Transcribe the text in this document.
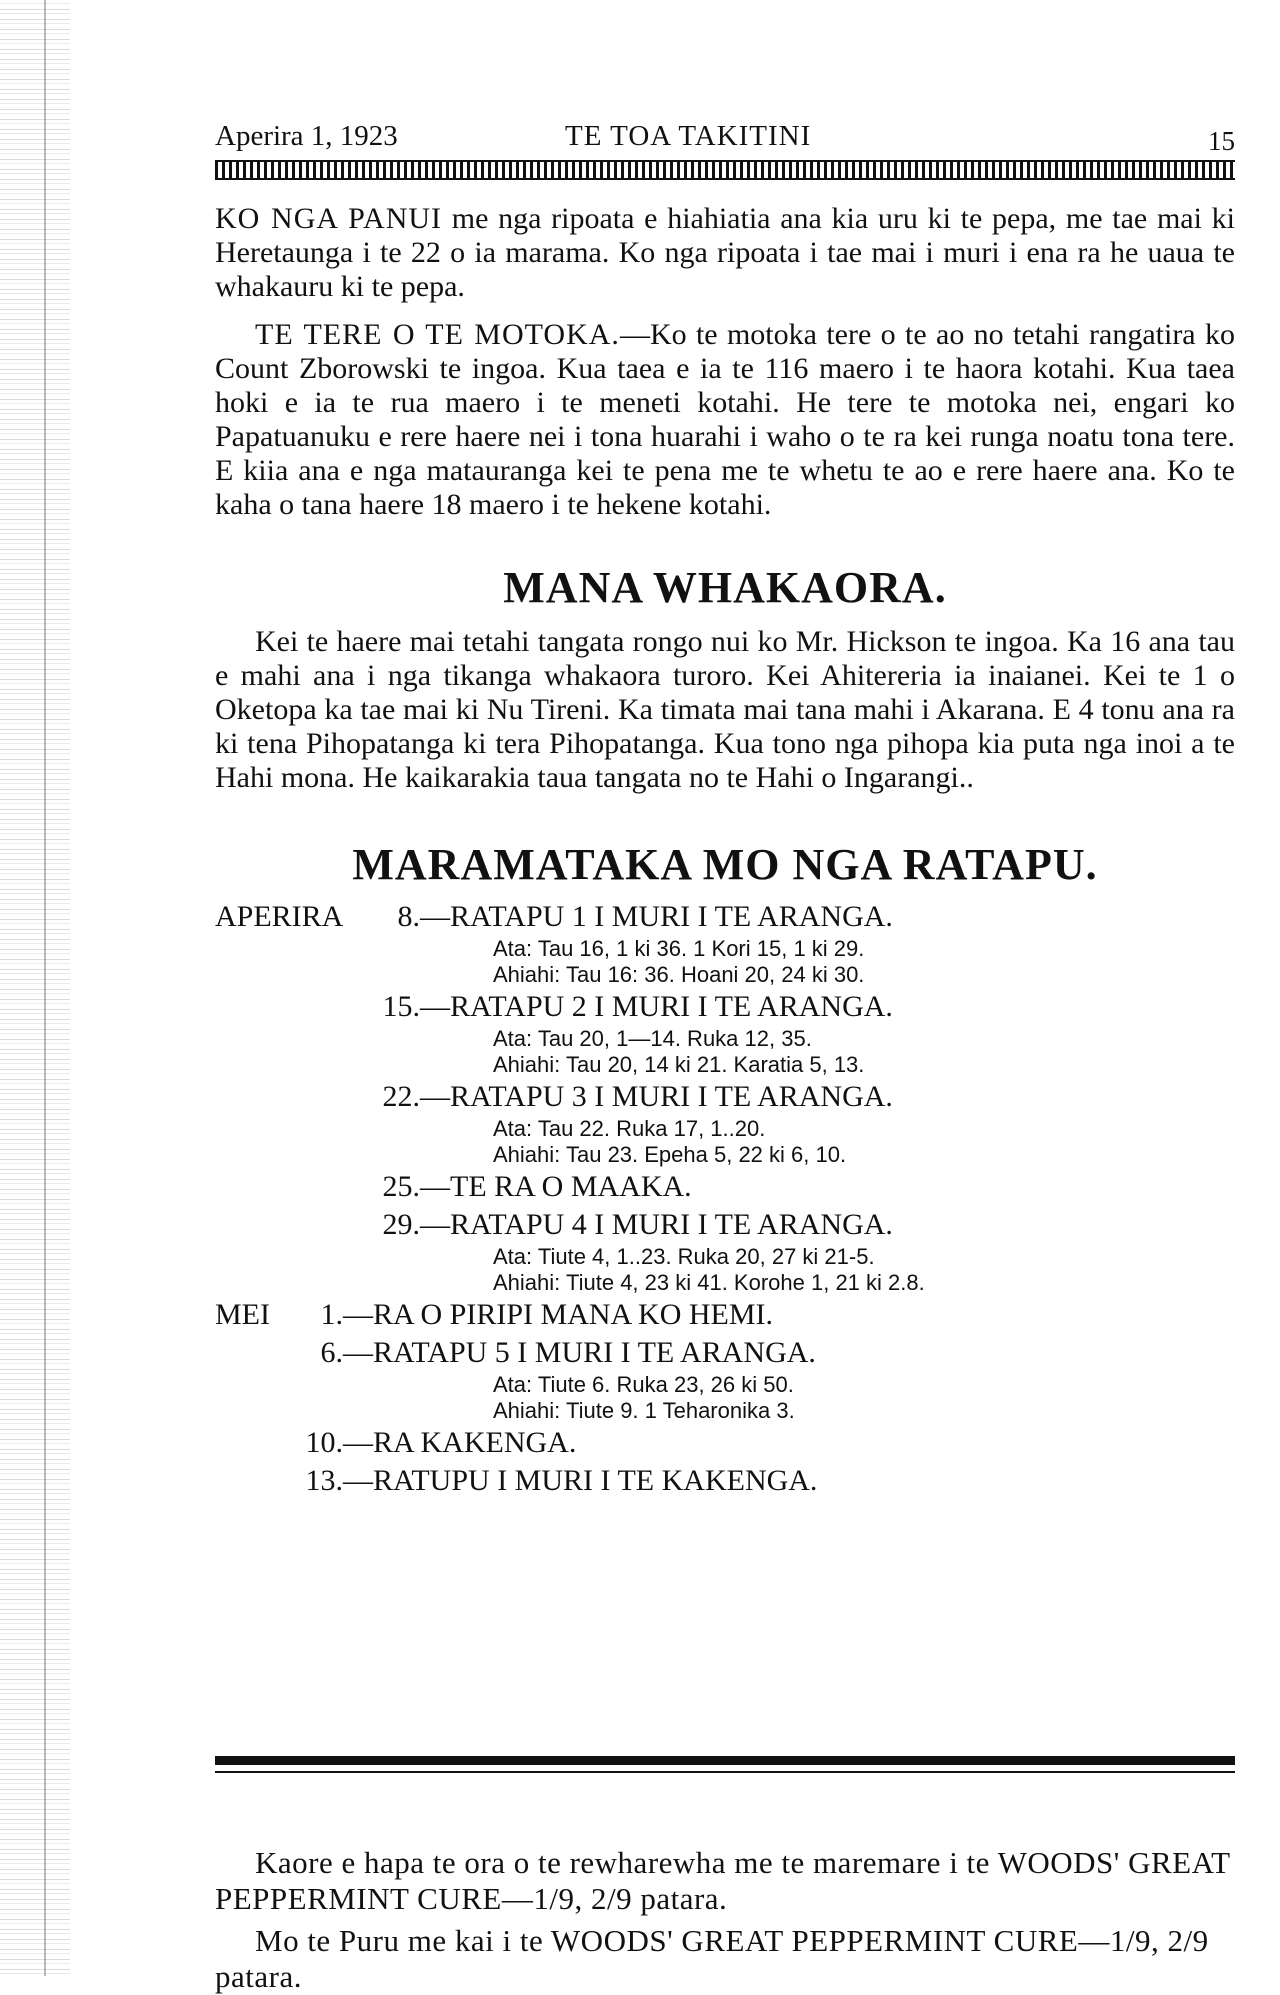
Aperira 1, 1923	TE TOA TAKITINI	15

KO NGA PANUI me nga ripoata e hiahiatia ana kia uru ki te pepa, me tae mai ki Heretaunga i te 22 o ia marama. Ko nga ripoata i tae mai i muri i ena ra he uaua te whakauru ki te pepa.

TE TERE O TE MOTOKA.—Ko te motoka tere o te ao no tetahi rangatira ko Count Zborowski te ingoa. Kua taea e ia te 116 maero i te haora kotahi. Kua taea hoki e ia te rua maero i te meneti kotahi. He tere te motoka nei, engari ko Papatuanuku e rere haere nei i tona huarahi i waho o te ra kei runga noatu tona tere. E kiia ana e nga matauranga kei te pena me te whetu te ao e rere haere ana. Ko te kaha o tana haere 18 maero i te hekene kotahi.

MANA WHAKAORA.

Kei te haere mai tetahi tangata rongo nui ko Mr. Hickson te ingoa. Ka 16 ana tau e mahi ana i nga tikanga whakaora turoro. Kei Ahitereria ia inaianei. Kei te 1 o Oketopa ka tae mai ki Nu Tireni. Ka timata mai tana mahi i Akarana. E 4 tonu ana ra ki tena Pihopatanga ki tera Pihopatanga. Kua tono nga pihopa kia puta nga inoi a te Hahi mona. He kaikarakia taua tangata no te Hahi o Ingarangi..

MARAMATAKA MO NGA RATAPU.
APERIRA	8. —RATAPU 1 I MURI I TE ARANGA.
Ata: Tau 16, 1 ki 36. 1 Kori 15, 1 ki 29.
Ahiahi: Tau 16: 36. Hoani 20, 24 ki 30.
15. —RATAPU 2 I MURI I TE ARANGA.
Ata: Tau 20, 1—14. Ruka 12, 35.
Ahiahi: Tau 20, 14 ki 21. Karatia 5, 13.
22. —RATAPU 3 I MURI I TE ARANGA.
Ata: Tau 22. Ruka 17, 1..20.
Ahiahi: Tau 23. Epeha 5, 22 ki 6, 10.
25. —TE RA O MAAKA.
29. —RATAPU 4 I MURI I TE ARANGA.
Ata: Tiute 4, 1..23. Ruka 20, 27 ki 21-5.
Ahiahi: Tiute 4, 23 ki 41. Korohe 1, 21 ki 2.8.
MEI	1. —RA O PIRIPI MANA KO HEMI.
6. —RATAPU 5 I MURI I TE ARANGA.
Ata: Tiute 6. Ruka 23, 26 ki 50.
Ahiahi: Tiute 9. 1 Teharonika 3.
10. —RA KAKENGA.
13. —RATUPU I MURI I TE KAKENGA.
Kaore e hapa te ora o te rewharewha me te maremare i te WOODS' GREAT PEPPERMINT CURE—1/9, 2/9 patara.
Mo te Puru me kai i te WOODS' GREAT PEPPERMINT CURE—1/9, 2/9 patara.
